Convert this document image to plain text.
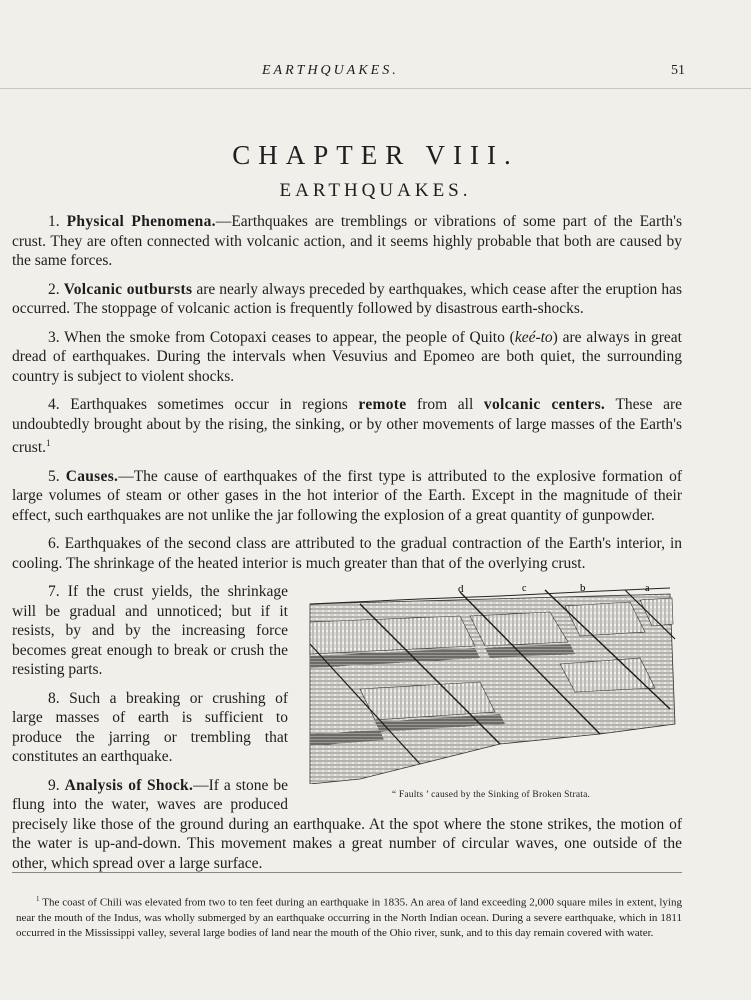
EARTHQUAKES.	51
CHAPTER VIII.
EARTHQUAKES.

1. Physical Phenomena.—Earthquakes are tremblings or vibrations of some part of the Earth's crust. They are often connected with volcanic action, and it seems highly probable that both are caused by the same forces.

2. Volcanic outbursts are nearly always preceded by earthquakes, which cease after the eruption has occurred. The stoppage of volcanic action is frequently followed by disastrous earth-shocks.

3. When the smoke from Cotopaxi ceases to appear, the people of Quito (keé-to) are always in great dread of earthquakes. During the intervals when Vesuvius and Epomeo are both quiet, the surrounding country is subject to violent shocks.

4. Earthquakes sometimes occur in regions remote from all volcanic centers. These are undoubtedly brought about by the rising, the sinking, or by other movements of large masses of the Earth's crust.$^1$

5. Causes.—The cause of earthquakes of the first type is attributed to the explosive formation of large volumes of steam or other gases in the hot interior of the Earth. Except in the magnitude of their effect, such earthquakes are not unlike the jar following the explosion of a great quantity of gunpowder.

6. Earthquakes of the second class are attributed to the gradual contraction of the Earth's interior, in cooling. The shrinkage of the heated interior is much greater than that of the overlying crust.

d	c	b	a
“ Faults ’ caused by the Sinking of Broken Strata.

7. If the crust yields, the shrinkage will be gradual and unnoticed; but if it resists, by and by the increasing force becomes great enough to break or crush the resisting parts.

8. Such a breaking or crushing of large masses of earth is sufficient to produce the jarring or trembling that constitutes an earthquake.

9. Analysis of Shock.—If a stone be flung into the water, waves are produced precisely like those of the ground during an earthquake. At the spot where the stone strikes, the motion of the water is up-and-down. This movement makes a great number of circular waves, one outside of the other, which spread over a large surface.

$^1$ The coast of Chili was elevated from two to ten feet during an earthquake in 1835. An area of land exceeding 2,000 square miles in extent, lying near the mouth of the Indus, was wholly submerged by an earthquake occurring in the North Indian ocean. During a severe earthquake, which in 1811 occurred in the Mississippi valley, several large bodies of land near the mouth of the Ohio river, sunk, and to this day remain covered with water.
